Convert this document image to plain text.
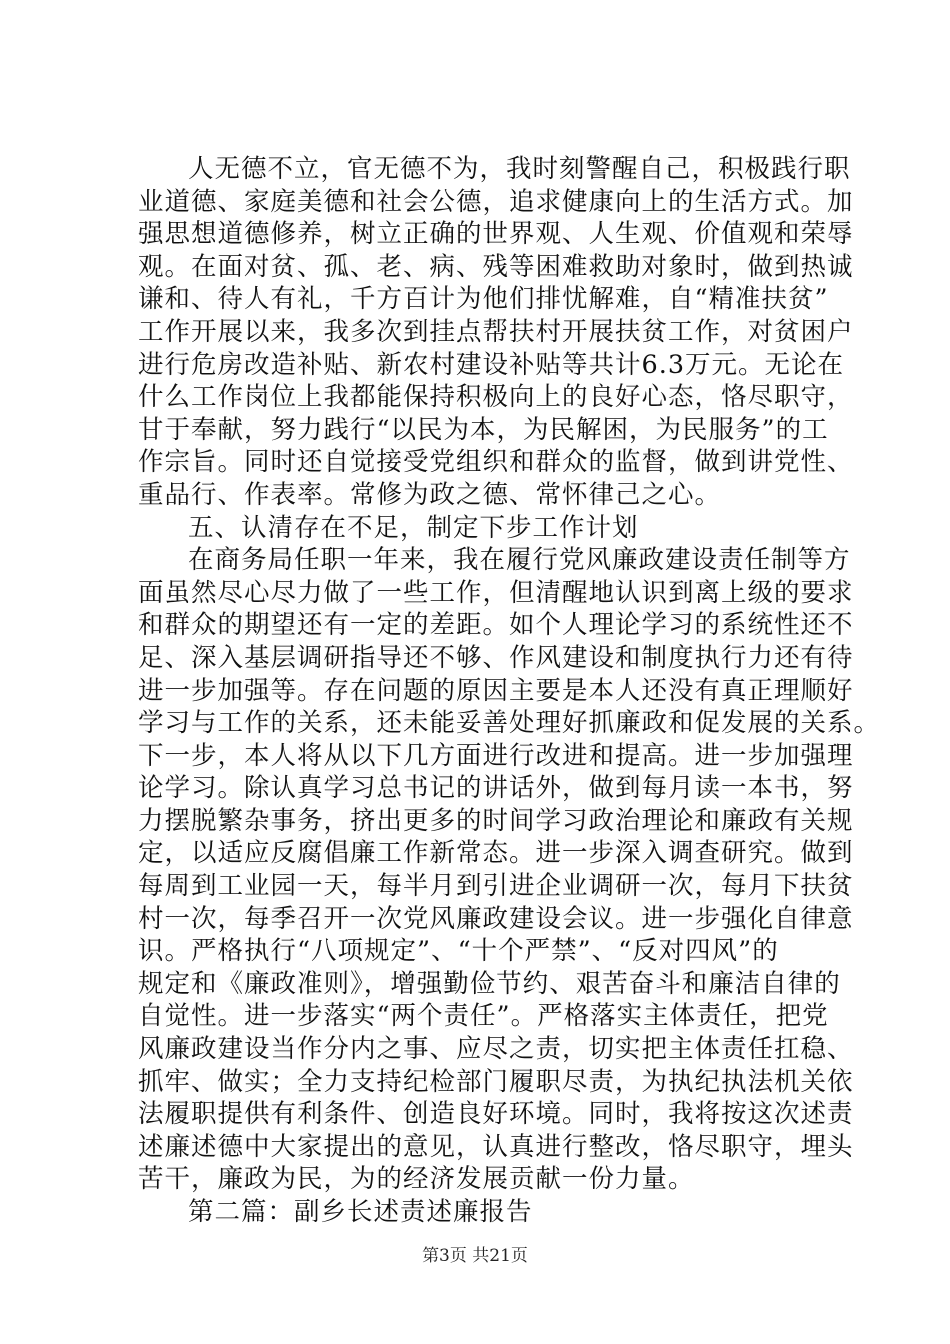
人无德不立，官无德不为，我时刻警醒自己，积极践行职
业道德、家庭美德和社会公德，追求健康向上的生活方式。加
强思想道德修养，树立正确的世界观、人生观、价值观和荣辱
观。在面对贫、孤、老、病、残等困难救助对象时，做到热诚
谦和、待人有礼，千方百计为他们排忧解难，自“精准扶贫”
工作开展以来，我多次到挂点帮扶村开展扶贫工作，对贫困户
进行危房改造补贴、新农村建设补贴等共计6.3万元。无论在
什么工作岗位上我都能保持积极向上的良好心态，恪尽职守，
甘于奉献，努力践行“以民为本，为民解困，为民服务”的工
作宗旨。同时还自觉接受党组织和群众的监督，做到讲党性、
重品行、作表率。常修为政之德、常怀律己之心。
五、认清存在不足，制定下步工作计划
在商务局任职一年来，我在履行党风廉政建设责任制等方
面虽然尽心尽力做了一些工作，但清醒地认识到离上级的要求
和群众的期望还有一定的差距。如个人理论学习的系统性还不
足、深入基层调研指导还不够、作风建设和制度执行力还有待
进一步加强等。存在问题的原因主要是本人还没有真正理顺好
学习与工作的关系，还未能妥善处理好抓廉政和促发展的关系。
下一步，本人将从以下几方面进行改进和提高。进一步加强理
论学习。除认真学习总书记的讲话外，做到每月读一本书，努
力摆脱繁杂事务，挤出更多的时间学习政治理论和廉政有关规
定，以适应反腐倡廉工作新常态。进一步深入调查研究。做到
每周到工业园一天，每半月到引进企业调研一次，每月下扶贫
村一次，每季召开一次党风廉政建设会议。进一步强化自律意
识。严格执行“八项规定”、“十个严禁”、“反对四风”的
规定和《廉政准则》，增强勤俭节约、艰苦奋斗和廉洁自律的
自觉性。进一步落实“两个责任”。严格落实主体责任，把党
风廉政建设当作分内之事、应尽之责，切实把主体责任扛稳、
抓牢、做实；全力支持纪检部门履职尽责，为执纪执法机关依
法履职提供有利条件、创造良好环境。同时，我将按这次述责
述廉述德中大家提出的意见，认真进行整改，恪尽职守，埋头
苦干，廉政为民，为的经济发展贡献一份力量。
第二篇：副乡长述责述廉报告
第3页 共21页
